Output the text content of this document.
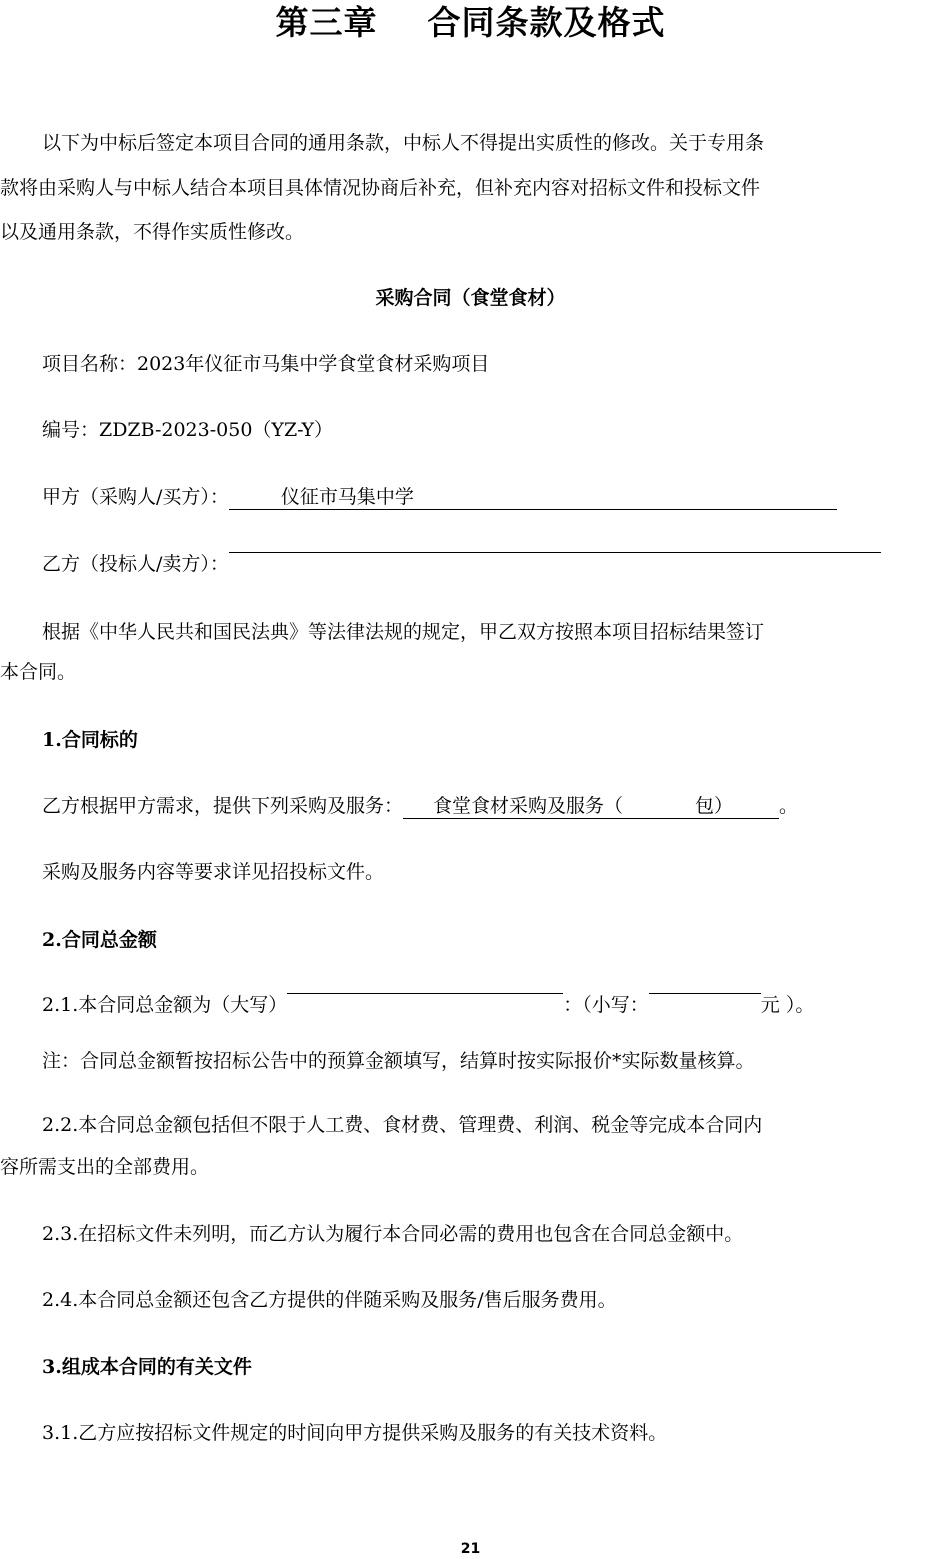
第三章    合同条款及格式
以下为中标后签定本项目合同的通用条款，中标人不得提出实质性的修改。关于专用条
款将由采购人与中标人结合本项目具体情况协商后补充，但补充内容对招标文件和投标文件
以及通用条款，不得作实质性修改。
采购合同（食堂食材）
项目名称：2023年仪征市马集中学食堂食材采购项目
编号：ZDZB-2023-050（YZ-Y）
甲方（采购人/买方）：	仪征市马集中学
乙方（投标人/卖方）：
根据《中华人民共和国民法典》等法律法规的规定，甲乙双方按照本项目招标结果签订
本合同。
1.合同标的
乙方根据甲方需求，提供下列采购及服务： 食堂食材采购及服务（	包） 。
采购及服务内容等要求详见招投标文件。
2.合同总金额
2.1.本合同总金额为（大写）	：（小写：	元 ）。
注：合同总金额暂按招标公告中的预算金额填写，结算时按实际报价*实际数量核算。
2.2.本合同总金额包括但不限于人工费、食材费、管理费、利润、税金等完成本合同内
容所需支出的全部费用。
2.3.在招标文件未列明，而乙方认为履行本合同必需的费用也包含在合同总金额中。
2.4.本合同总金额还包含乙方提供的伴随采购及服务/售后服务费用。
3.组成本合同的有关文件
3.1.乙方应按招标文件规定的时间向甲方提供采购及服务的有关技术资料。
21
